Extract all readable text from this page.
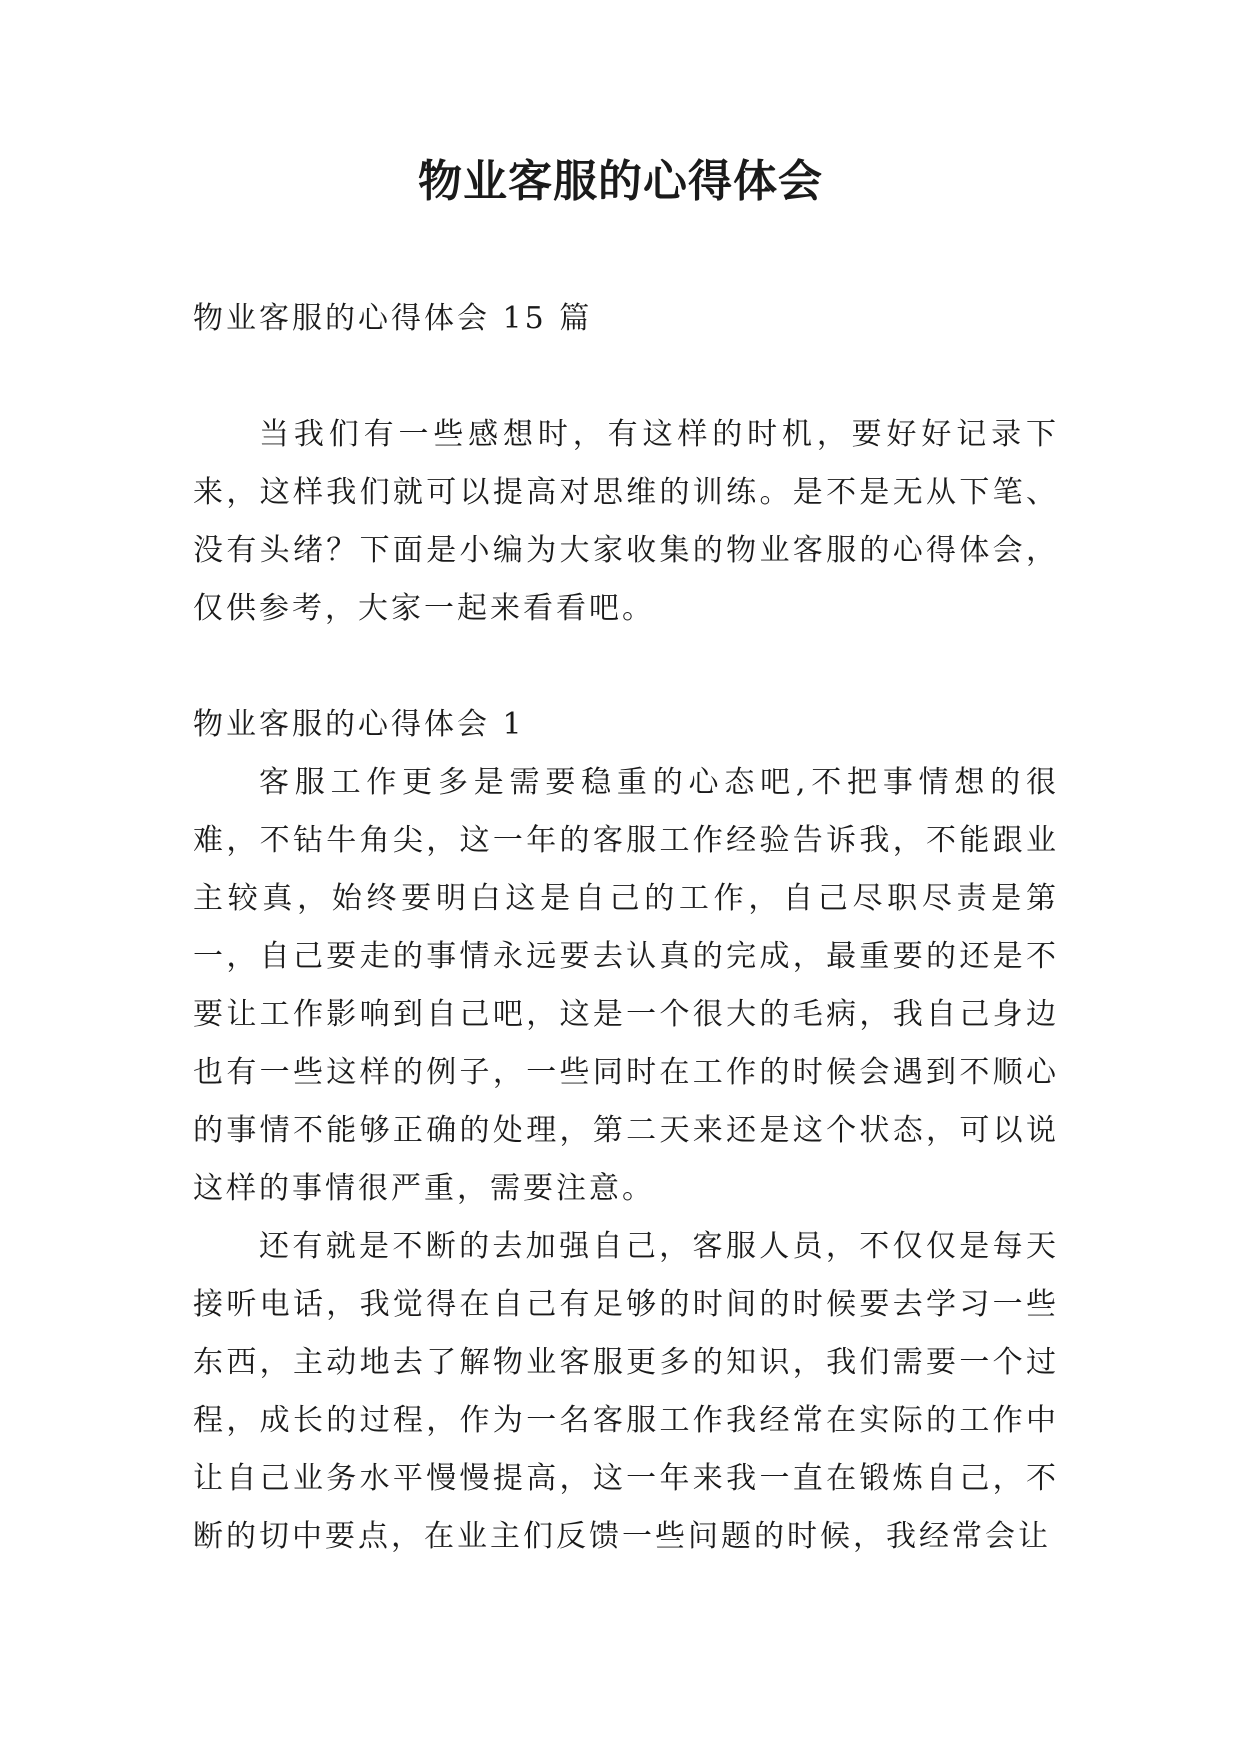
物业客服的心得体会

物业客服的心得体会 15 篇

当我们有一些感想时，有这样的时机，要好好记录下来，这样我们就可以提高对思维的训练。是不是无从下笔、没有头绪？下面是小编为大家收集的物业客服的心得体会，仅供参考，大家一起来看看吧。

物业客服的心得体会 1

客服工作更多是需要稳重的心态吧,不把事情想的很难，不钻牛角尖，这一年的客服工作经验告诉我，不能跟业主较真，始终要明白这是自己的工作，自己尽职尽责是第一，自己要走的事情永远要去认真的完成，最重要的还是不要让工作影响到自己吧，这是一个很大的毛病，我自己身边也有一些这样的例子，一些同时在工作的时候会遇到不顺心的事情不能够正确的处理，第二天来还是这个状态，可以说这样的事情很严重，需要注意。

还有就是不断的去加强自己，客服人员，不仅仅是每天接听电话，我觉得在自己有足够的时间的时候要去学习一些东西，主动地去了解物业客服更多的知识，我们需要一个过程，成长的过程，作为一名客服工作我经常在实际的工作中让自己业务水平慢慢提高，这一年来我一直在锻炼自己，不断的切中要点，在业主们反馈一些问题的时候，我经常会让
